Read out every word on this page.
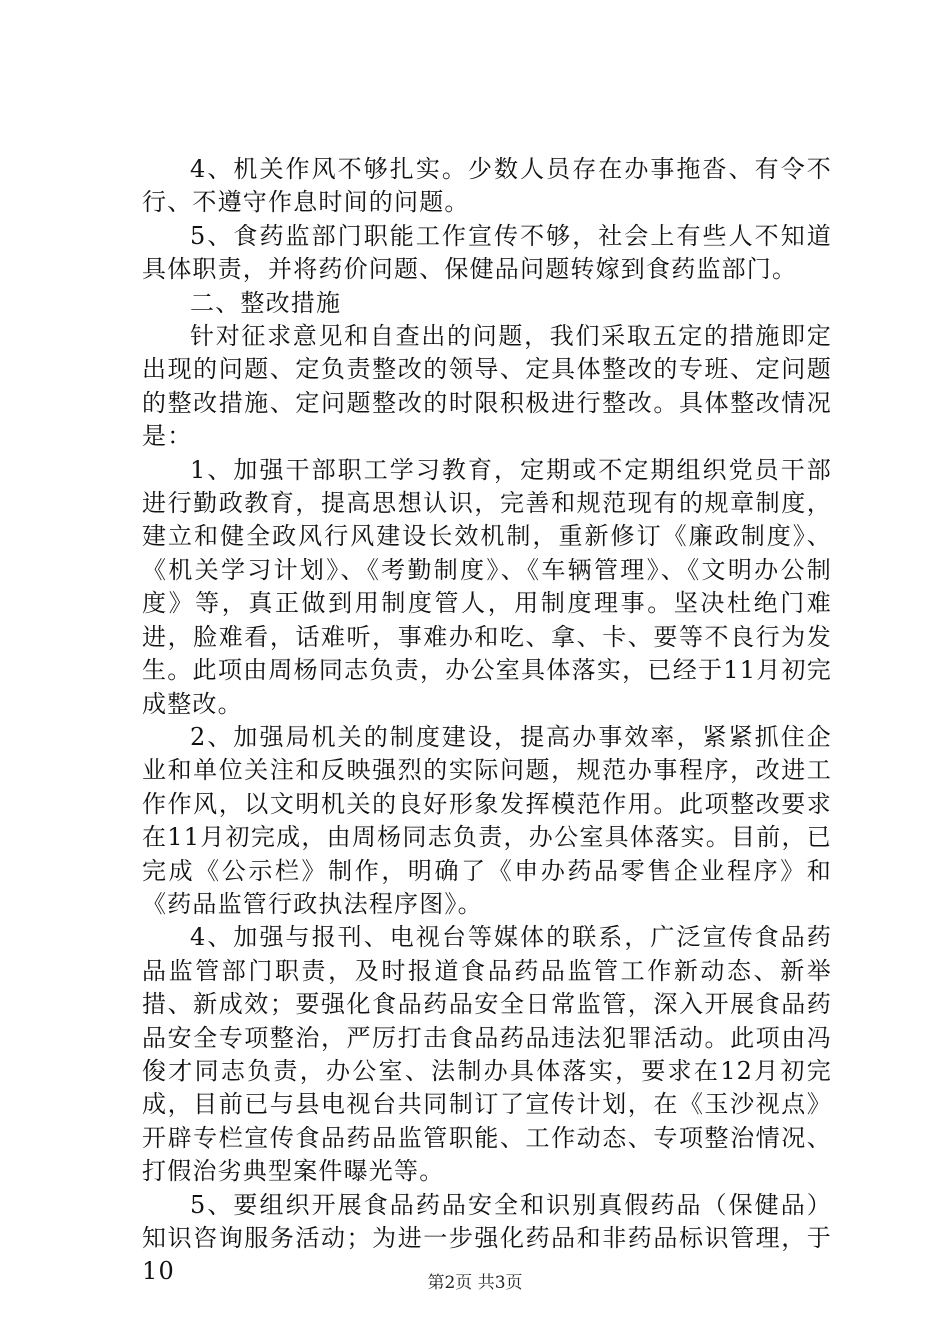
4、机关作风不够扎实。少数人员存在办事拖沓、有令不行、不遵守作息时间的问题。

5、食药监部门职能工作宣传不够，社会上有些人不知道具体职责，并将药价问题、保健品问题转嫁到食药监部门。

二、整改措施

针对征求意见和自查出的问题，我们采取五定的措施即定出现的问题、定负责整改的领导、定具体整改的专班、定问题的整改措施、定问题整改的时限积极进行整改。具体整改情况是：

1、加强干部职工学习教育，定期或不定期组织党员干部进行勤政教育，提高思想认识，完善和规范现有的规章制度，建立和健全政风行风建设长效机制，重新修订《廉政制度》、《机关学习计划》、《考勤制度》、《车辆管理》、《文明办公制度》等，真正做到用制度管人，用制度理事。坚决杜绝门难进，脸难看，话难听，事难办和吃、拿、卡、要等不良行为发生。此项由周杨同志负责，办公室具体落实，已经于11月初完成整改。

2、加强局机关的制度建设，提高办事效率，紧紧抓住企业和单位关注和反映强烈的实际问题，规范办事程序，改进工作作风，以文明机关的良好形象发挥模范作用。此项整改要求在11月初完成，由周杨同志负责，办公室具体落实。目前，已完成《公示栏》制作，明确了《申办药品零售企业程序》和《药品监管行政执法程序图》。

4、加强与报刊、电视台等媒体的联系，广泛宣传食品药品监管部门职责，及时报道食品药品监管工作新动态、新举措、新成效；要强化食品药品安全日常监管，深入开展食品药品安全专项整治，严厉打击食品药品违法犯罪活动。此项由冯俊才同志负责，办公室、法制办具体落实，要求在12月初完成，目前已与县电视台共同制订了宣传计划，在《玉沙视点》开辟专栏宣传食品药品监管职能、工作动态、专项整治情况、打假治劣典型案件曝光等。

5、要组织开展食品药品安全和识别真假药品（保健品）知识咨询服务活动；为进一步强化药品和非药品标识管理，于10	第2页 共3页
